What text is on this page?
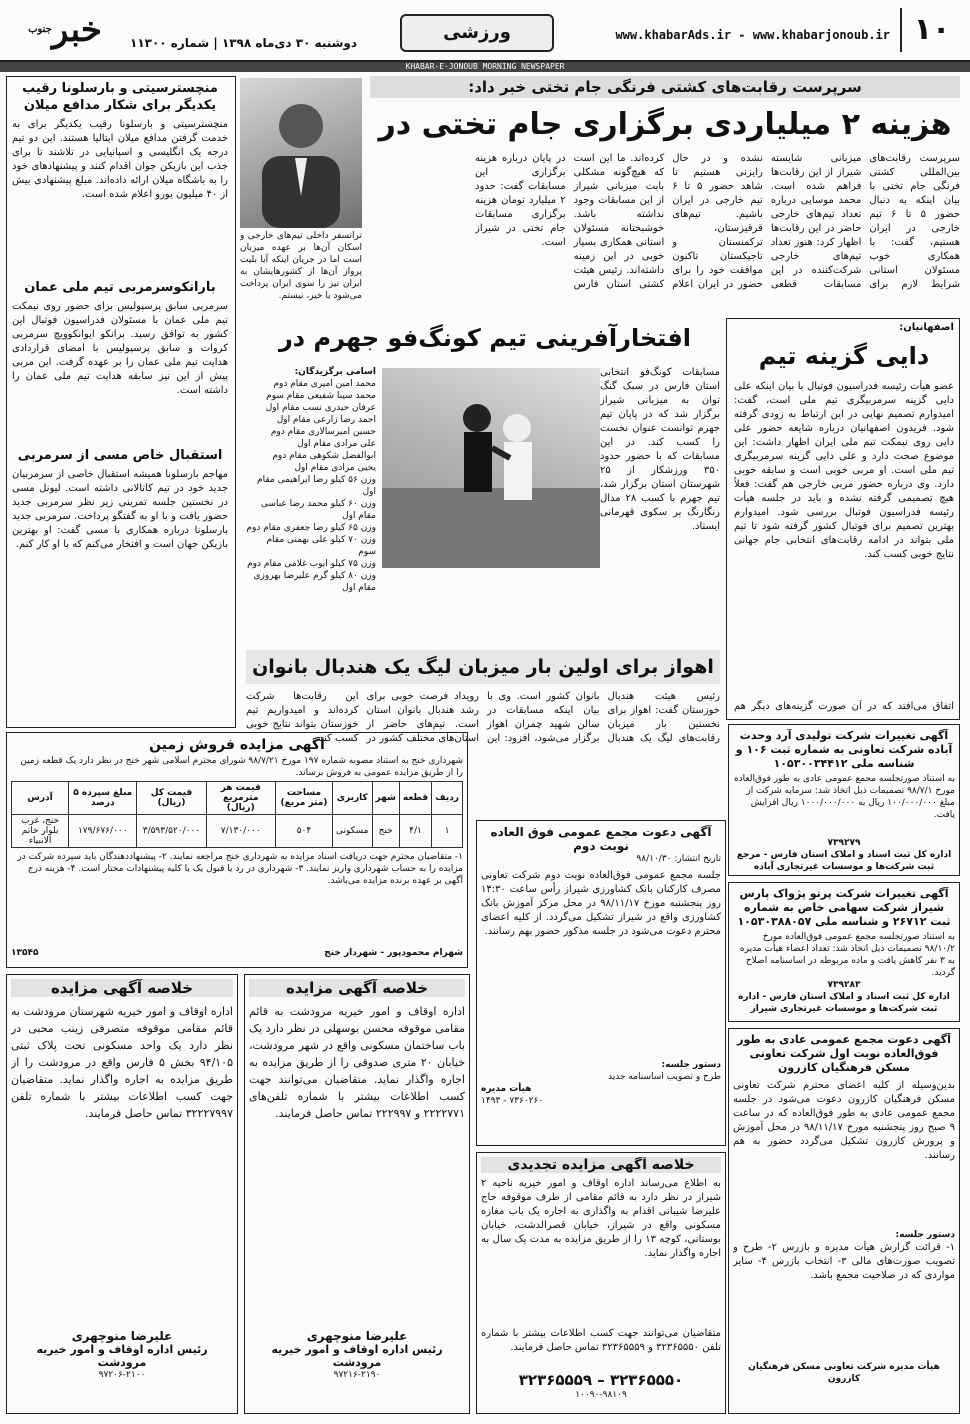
۱۰
www.khabarAds.ir - www.khabarjonoub.ir
ورزشی
دوشنبه ۳۰ دی‌ماه ۱۳۹۸ | شماره ۱۱۳۰۰
خبر$^{جنوب}$
KHABAR-E-JONOUB MORNING NEWSPAPER
سرپرست رقابت‌های کشتی فرنگی جام تختی خبر داد:
هزینه ۲ میلیاردی برگزاری جام تختی در
سرپرست رقابت‌های بین‌المللی کشتی فرنگی جام تختی با بیان اینکه به دنبال حضور ۵ تا ۶ تیم خارجی در ایران هستیم، گفت: با همکاری خوب مسئولان استانی شرایط لازم برای میزبانی شایسته شیراز از این رقابت‌ها فراهم شده است. محمد موسایی درباره تعداد تیم‌های خارجی حاضر در این رقابت‌ها اظهار کرد: هنوز تعداد تیم‌های خارجی شرکت‌کننده در این مسابقات قطعی نشده و در حال رایزنی هستیم تا شاهد حضور ۵ تا ۶ تیم خارجی در ایران باشیم. تیم‌های قرقیزستان، ترکمنستان و تاجیکستان تاکنون موافقت خود را برای حضور در ایران اعلام کرده‌اند. ما این است که هیچ‌گونه مشکلی بابت میزبانی شیراز از این مسابقات وجود نداشته باشد. خوشبختانه مسئولان استانی همکاری بسیار خوبی در این زمینه داشته‌اند. رئیس هیئت کشتی استان فارس در پایان درباره هزینه برگزاری این مسابقات گفت: حدود ۲ میلیارد تومان هزینه برگزاری مسابقات جام تختی در شیراز است.
ترانسفر داخلی تیم‌های خارجی و اسکان آن‌ها بر عهده میزبان است اما در جریان اینکه آیا بلیت پرواز آن‌ها از کشورهایشان به ایران نیز را سوی ایران پرداخت می‌شود یا خیر، نیستم.
اصفهانیان:
دایی گزینه تیم
عضو هیأت رئیسه فدراسیون فوتبال با بیان اینکه علی دایی گزینه سرمربیگری تیم ملی است، گفت: امیدوارم تصمیم نهایی در این ارتباط به زودی گرفته شود. فریدون اصفهانیان درباره شایعه حضور علی دایی روی نیمکت تیم ملی ایران اظهار داشت: این موضوع صحت دارد و علی دایی گزینه سرمربیگری تیم ملی است. او مربی خوبی است و سابقه خوبی دارد. وی درباره حضور مربی خارجی هم گفت: فعلاً هیچ تصمیمی گرفته نشده و باید در جلسه هیأت رئیسه فدراسیون فوتبال بررسی شود. امیدوارم بهترین تصمیم برای فوتبال کشور گرفته شود تا تیم ملی بتواند در ادامه رقابت‌های انتخابی جام جهانی نتایج خوبی کسب کند.
اتفاق می‌افتد که در آن صورت گزینه‌های دیگر هم
افتخارآفرینی تیم کونگ‌فو جهرم در
مسابقات کونگ‌فو انتخابی استان فارس در سبک گنگ توان به میزبانی شیراز برگزار شد که در پایان تیم جهرم توانست عنوان نخست را کسب کند. در این مسابقات که با حضور حدود ۳۵۰ ورزشکار از ۲۵ شهرستان استان برگزار شد، تیم جهرم با کسب ۲۸ مدال رنگارنگ بر سکوی قهرمانی ایستاد.
اسامی برگزیدگان:
محمد امین امیری مقام دوم
محمد سینا شفیعی مقام سوم
عرفان حیدری نسب مقام اول
احمد رضا زارعی مقام اول
حسین امیرسالاری مقام دوم
علی مرادی مقام اول
ابوالفضل شکوهی مقام دوم
یحیی مرادی مقام اول
وزن ۵۶ کیلو رضا ابراهیمی مقام اول
وزن ۶۰ کیلو محمد رضا عباسی مقام اول
وزن ۶۵ کیلو رضا جعفری مقام دوم
وزن ۷۰ کیلو علی بهمنی مقام سوم
وزن ۷۵ کیلو ایوب غلامی مقام دوم
وزن ۸۰ کیلو گرم علیرضا بهروزی مقام اول
اهواز برای اولین بار میزبان لیگ یک هندبال بانوان
رئیس هیئت هندبال خوزستان گفت: اهواز برای نخستین بار میزبان رقابت‌های لیگ یک هندبال بانوان کشور است. وی با بیان اینکه مسابقات در سالن شهید چمران اهواز برگزار می‌شود، افزود: این رویداد فرصت خوبی برای رشد هندبال بانوان استان است. تیم‌های حاضر از استان‌های مختلف کشور در این رقابت‌ها شرکت کرده‌اند و امیدواریم تیم خوزستان بتواند نتایج خوبی کسب کند.
منچسترسیتی و بارسلونا رقیب یکدیگر برای شکار مدافع میلان
منچسترسیتی و بارسلونا رقیب یکدیگر برای به خدمت گرفتن مدافع میلان ایتالیا هستند. این دو تیم درجه یک انگلیسی و اسپانیایی در تلاشند تا برای جذب این بازیکن جوان اقدام کنند و پیشنهادهای خود را به باشگاه میلان ارائه داده‌اند. مبلغ پیشنهادی بیش از ۴۰ میلیون یورو اعلام شده است.
بارانکوسرمربی تیم ملی عمان
سرمربی سابق پرسپولیس برای حضور روی نیمکت تیم ملی عمان با مسئولان فدراسیون فوتبال این کشور به توافق رسید. برانکو ایوانکوویچ سرمربی کروات و سابق پرسپولیس با امضای قراردادی هدایت تیم ملی عمان را بر عهده گرفت. این مربی پیش از این نیز سابقه هدایت تیم ملی عمان را داشته است.
استقبال خاص مسی از سرمربی
مهاجم بارسلونا همیشه استقبال خاصی از سرمربیان جدید خود در تیم کاتالانی داشته است. لیونل مسی در نخستین جلسه تمرینی زیر نظر سرمربی جدید حضور یافت و با او به گفتگو پرداخت. سرمربی جدید بارسلونا درباره همکاری با مسی گفت: او بهترین بازیکن جهان است و افتخار می‌کنم که با او کار کنم.
آگهی مزایده فروش زمین
شهرداری خنج به استناد مصوبه شماره ۱۹۷ مورخ ۹۸/۷/۲۱ شورای محترم اسلامی شهر خنج در نظر دارد یک قطعه زمین را از طریق مزایده عمومی به فروش برساند.
ردیف	قطعه	شهر	کاربری	مساحت (متر مربع)	قیمت هر مترمربع (ریال)	قیمت کل (ریال)	مبلغ سپرده ۵ درصد	آدرس
۱	۴/۱	خنج	مسکونی	۵۰۴	۷/۱۳۰/۰۰۰	۳/۵۹۳/۵۲۰/۰۰۰	۱۷۹/۶۷۶/۰۰۰	خنج، غرب بلوار خاتم الانبیاء
۱- متقاضیان محترم جهت دریافت اسناد مزایده به شهرداری خنج مراجعه نمایند. ۲- پیشنهاددهندگان باید سپرده شرکت در مزایده را به حساب شهرداری واریز نمایند. ۳- شهرداری در رد یا قبول یک یا کلیه پیشنهادات مختار است. ۴- هزینه درج آگهی بر عهده برنده مزایده می‌باشد.
شهرام محمودپور - شهردار خنج
۱۳۵۴۵
آگهی تغییرات شرکت تولیدی آرد وحدت آباده شرکت تعاونی به شماره ثبت ۱۰۶ و شناسه ملی ۱۰۵۳۰۰۳۴۴۱۲
به استناد صورتجلسه مجمع عمومی عادی به طور فوق‌العاده مورخ ۹۸/۷/۱ تصمیمات ذیل اتخاذ شد: سرمایه شرکت از مبلغ ۱۰۰/۰۰۰/۰۰۰ ریال به ۱۰۰۰/۰۰۰/۰۰۰ ریال افزایش یافت.
۷۳۹۲۷۹
اداره کل ثبت اسناد و املاک استان فارس - مرجع ثبت شرکت‌ها و موسسات غیرتجاری آباده
آگهی تغییرات شرکت پرتو پژواک پارس شیراز شرکت سهامی خاص به شماره ثبت ۲۶۷۱۲ و شناسه ملی ۱۰۵۳۰۳۸۸۰۵۷
به استناد صورتجلسه مجمع عمومی فوق‌العاده مورخ ۹۸/۱۰/۲ تصمیمات ذیل اتخاذ شد: تعداد اعضاء هیأت مدیره به ۳ نفر کاهش یافت و ماده مربوطه در اساسنامه اصلاح گردید.
۷۳۹۲۸۳
اداره کل ثبت اسناد و املاک استان فارس - اداره ثبت شرکت‌ها و موسسات غیرتجاری شیراز
آگهی دعوت مجمع عمومی عادی به طور فوق‌العاده نوبت اول شرکت تعاونی مسکن فرهنگیان کازرون
بدین‌وسیله از کلیه اعضای محترم شرکت تعاونی مسکن فرهنگیان کازرون دعوت می‌شود در جلسه مجمع عمومی عادی به طور فوق‌العاده که در ساعت ۹ صبح روز پنجشنبه مورخ ۹۸/۱۱/۱۷ در محل آموزش و پرورش کازرون تشکیل می‌گردد حضور به هم رسانند.
دستور جلسه:
۱- قرائت گزارش هیأت مدیره و بازرس ۲- طرح و تصویب صورت‌های مالی ۳- انتخاب بازرس ۴- سایر مواردی که در صلاحیت مجمع باشد.
هیأت مدیره شرکت تعاونی مسکن فرهنگیان کازرون
آگهی دعوت مجمع عمومی فوق العاده نوبت دوم
تاریخ انتشار: ۹۸/۱۰/۳۰
جلسه مجمع عمومی فوق‌العاده نوبت دوم شرکت تعاونی مصرف کارکنان بانک کشاورزی شیراز رأس ساعت ۱۴:۳۰ روز پنجشنبه مورخ ۹۸/۱۱/۱۷ در محل مرکز آموزش بانک کشاورزی واقع در شیراز تشکیل می‌گردد. از کلیه اعضای محترم دعوت می‌شود در جلسه مذکور حضور بهم رسانند.
دستور جلسه:
طرح و تصویب اساسنامه جدید
هیأت مدیره
۷۳۶۰۲۶۰ - ۱۴۹۳
خلاصه آگهی مزایده تجدیدی
به اطلاع می‌رساند اداره اوقاف و امور خیریه ناحیه ۲ شیراز در نظر دارد به قائم مقامی از طرف موقوفه حاج علیرضا شیبانی اقدام به واگذاری به اجاره یک باب مغازه مسکونی واقع در شیراز، خیابان قصرالدشت، خیابان بوستانی، کوچه ۱۳ را از طریق مزایده به مدت یک سال به اجاره واگذار نماید.
متقاضیان می‌توانند جهت کسب اطلاعات بیشتر با شماره تلفن ۳۲۳۶۵۵۵۰ و ۳۲۳۶۵۵۵۹ تماس حاصل فرمایند.
۳۲۳۶۵۵۵۰ – ۳۲۳۶۵۵۵۹
۱۰۰۹۰-۹۸۱۰۹
خلاصه آگهی مزایده
اداره اوقاف و امور خیریه مرودشت به قائم مقامی موقوفه محسن بوسهلی در نظر دارد یک باب ساختمان مسکونی واقع در شهر مرودشت، خیابان ۲۰ متری صدوقی را از طریق مزایده به اجاره واگذار نماید. متقاضیان می‌توانند جهت کسب اطلاعات بیشتر با شماره تلفن‌های ۲۲۲۲۷۷۱ و ۲۲۲۹۹۷ تماس حاصل فرمایند.
علیرضا منوچهری
رئیس اداره اوقاف و امور خیریه مرودشت
۹۷۲۱۶-۲۱۹۰
خلاصه آگهی مزایده
اداره اوقاف و امور خیریه شهرستان مرودشت به قائم مقامی موقوفه متصرفی زینب محبی در نظر دارد یک واحد مسکونی تحت پلاک ثبتی ۹۴/۱۰۵ بخش ۵ فارس واقع در مرودشت را از طریق مزایده به اجاره واگذار نماید. متقاضیان جهت کسب اطلاعات بیشتر با شماره تلفن ۳۲۲۲۷۹۹۷ تماس حاصل فرمایند.
علیرضا منوچهری
رئیس اداره اوقاف و امور خیریه مرودشت
۹۷۲۰۶-۲۱۰۰
